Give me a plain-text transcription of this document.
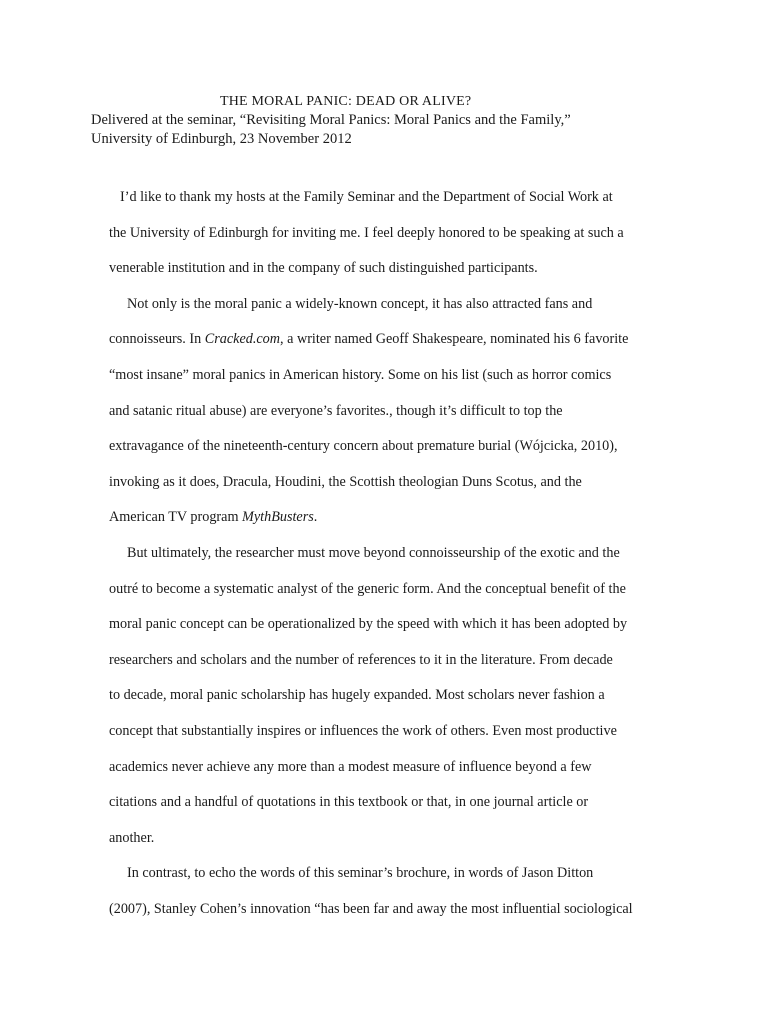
THE MORAL PANIC: DEAD OR ALIVE?
Delivered at the seminar, “Revisiting Moral Panics: Moral Panics and the Family,”
University of Edinburgh, 23 November 2012
I’d like to thank my hosts at the Family Seminar and the Department of Social Work at
the University of Edinburgh for inviting me. I feel deeply honored to be speaking at such a
venerable institution and in the company of such distinguished participants.
Not only is the moral panic a widely-known concept, it has also attracted fans and
connoisseurs. In Cracked.com, a writer named Geoff Shakespeare, nominated his 6 favorite
“most insane” moral panics in American history. Some on his list (such as horror comics
and satanic ritual abuse) are everyone’s favorites., though it’s difficult to top the
extravagance of the nineteenth-century concern about premature burial (Wójcicka, 2010),
invoking as it does, Dracula, Houdini, the Scottish theologian Duns Scotus, and the
American TV program MythBusters.
But ultimately, the researcher must move beyond connoisseurship of the exotic and the
outré to become a systematic analyst of the generic form. And the conceptual benefit of the
moral panic concept can be operationalized by the speed with which it has been adopted by
researchers and scholars and the number of references to it in the literature. From decade
to decade, moral panic scholarship has hugely expanded. Most scholars never fashion a
concept that substantially inspires or influences the work of others. Even most productive
academics never achieve any more than a modest measure of influence beyond a few
citations and a handful of quotations in this textbook or that, in one journal article or
another.
In contrast, to echo the words of this seminar’s brochure, in words of Jason Ditton
(2007), Stanley Cohen’s innovation “has been far and away the most influential sociological
